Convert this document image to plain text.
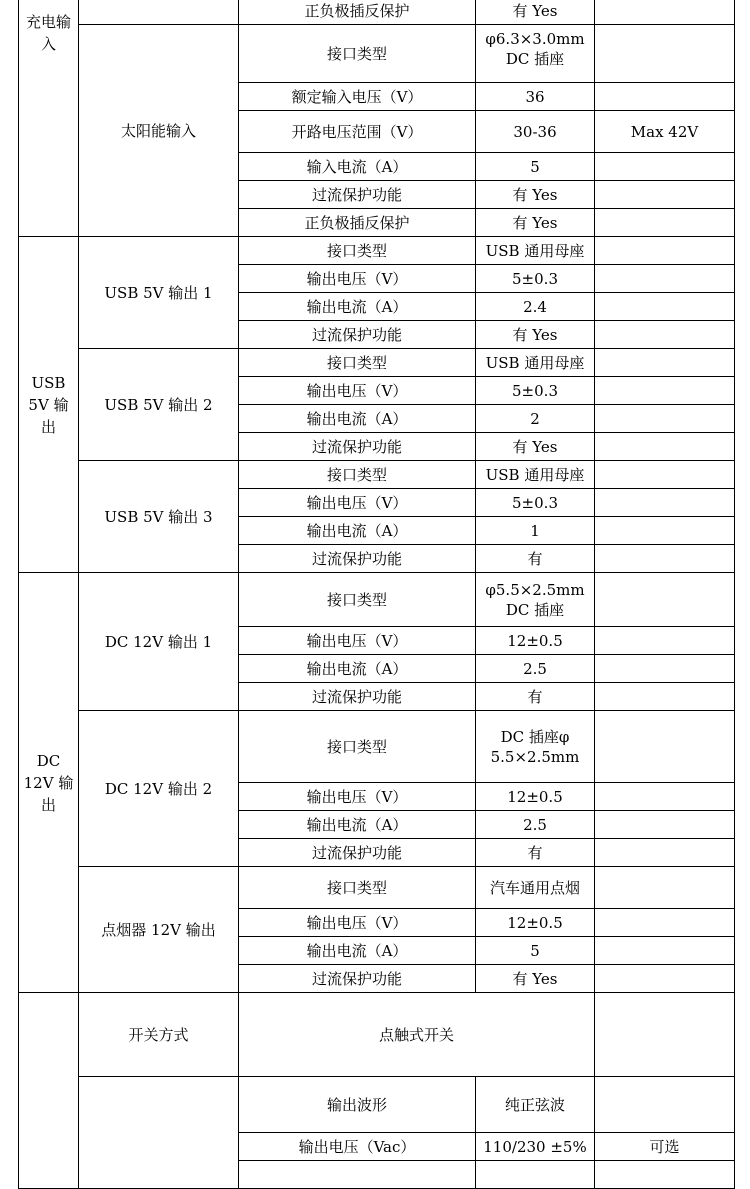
充电输入		正负极插反保护	有 Yes	
	太阳能输入	接口类型	φ6.3×3.0mm DC 插座	

		额定输入电压（V）	36	
		开路电压范围（V）	30-36	Max 42V
		输入电流（A）	5	
		过流保护功能	有 Yes	
		正负极插反保护	有 Yes	
USB 5V 输出	USB 5V 输出 1	接口类型	USB 通用母座	
		输出电压（V）	5±0.3	
		输出电流（A）	2.4	
		过流保护功能	有 Yes	
	USB 5V 输出 2	接口类型	USB 通用母座	
		输出电压（V）	5±0.3	
		输出电流（A）	2	
		过流保护功能	有 Yes	
	USB 5V 输出 3	接口类型	USB 通用母座	
		输出电压（V）	5±0.3	
		输出电流（A）	1	
		过流保护功能	有	
DC 12V 输出	DC 12V 输出 1	接口类型	φ5.5×2.5mm DC 插座	
		输出电压（V）	12±0.5	
		输出电流（A）	2.5	
		过流保护功能	有	
	DC 12V 输出 2	接口类型	DC 插座φ 5.5×2.5mm	
		输出电压（V）	12±0.5	
		输出电流（A）	2.5	
		过流保护功能	有	
	点烟器 12V 输出	接口类型	汽车通用点烟	
		输出电压（V）	12±0.5	
		输出电流（A）	5	
		过流保护功能	有 Yes	
	开关方式	点触式开关		
		输出波形	纯正弦波	
		输出电压（Vac）	110/230 ±5%	可选
